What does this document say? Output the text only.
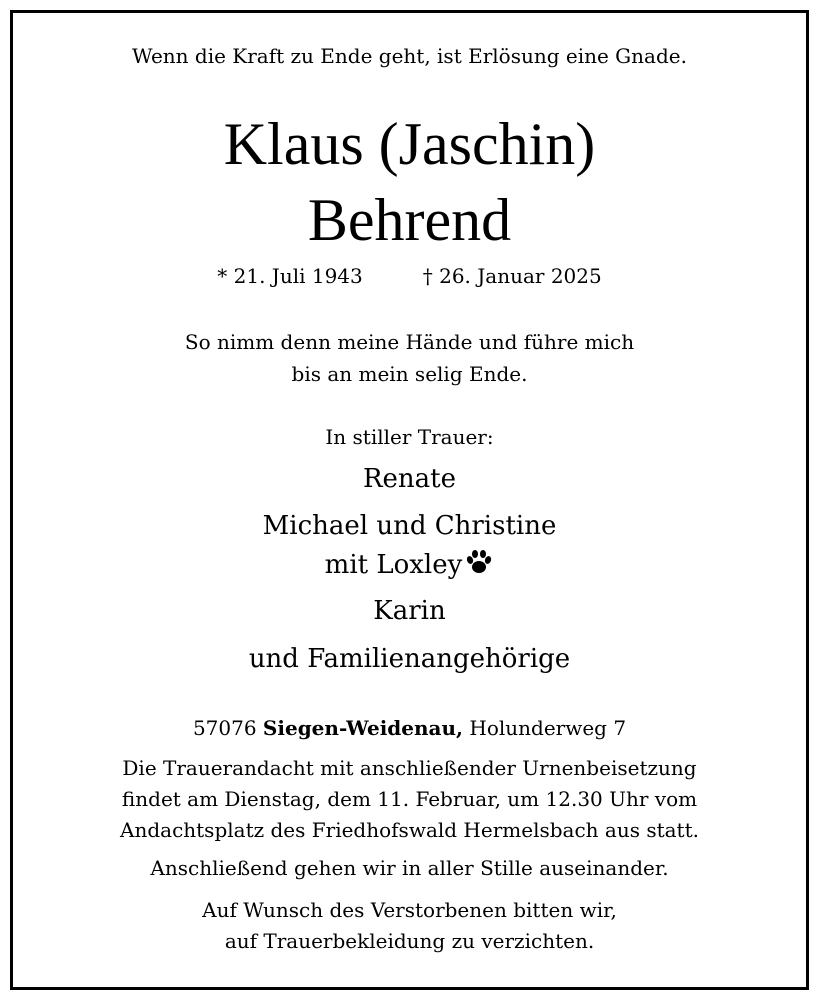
Wenn die Kraft zu Ende geht, ist Erlösung eine Gnade.
Klaus (Jaschin)
Behrend
* 21. Juli 1943	† 26. Januar 2025
So nimm denn meine Hände und führe mich
bis an mein selig Ende.
In stiller Trauer:
Renate
Michael und Christine
mit Loxley
Karin
und Familienangehörige
57076 Siegen-Weidenau, Holunderweg 7
Die Trauerandacht mit anschließender Urnenbeisetzung
findet am Dienstag, dem 11. Februar, um 12.30 Uhr vom
Andachtsplatz des Friedhofswald Hermelsbach aus statt.
Anschließend gehen wir in aller Stille auseinander.
Auf Wunsch des Verstorbenen bitten wir,
auf Trauerbekleidung zu verzichten.
